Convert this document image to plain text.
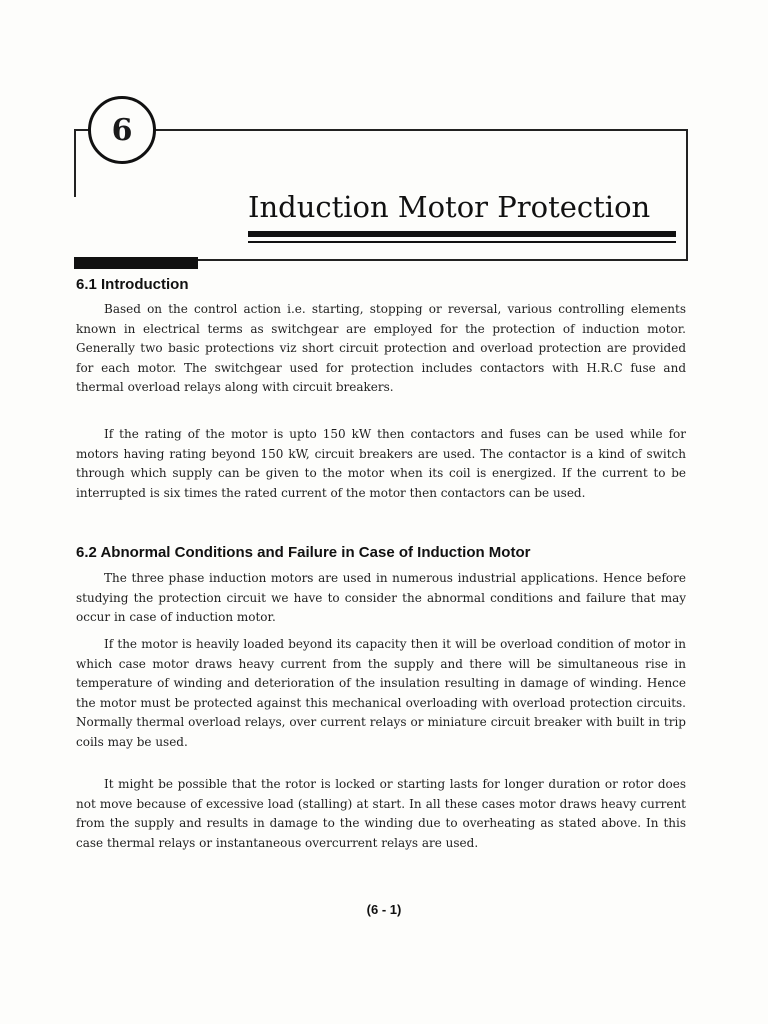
6
Induction Motor Protection
6.1 Introduction

Based on the control action i.e. starting, stopping or reversal, various controlling elements known in electrical terms as switchgear are employed for the protection of induction motor. Generally two basic protections viz short circuit protection and overload protection are provided for each motor. The switchgear used for protection includes contactors with H.R.C fuse and thermal overload relays along with circuit breakers.

If the rating of the motor is upto 150 kW then contactors and fuses can be used while for motors having rating beyond 150 kW, circuit breakers are used. The contactor is a kind of switch through which supply can be given to the motor when its coil is energized. If the current to be interrupted is six times the rated current of the motor then contactors can be used.

6.2 Abnormal Conditions and Failure in Case of Induction Motor

The three phase induction motors are used in numerous industrial applications. Hence before studying the protection circuit we have to consider the abnormal conditions and failure that may occur in case of induction motor.

If the motor is heavily loaded beyond its capacity then it will be overload condition of motor in which case motor draws heavy current from the supply and there will be simultaneous rise in temperature of winding and deterioration of the insulation resulting in damage of winding. Hence the motor must be protected against this mechanical overloading with overload protection circuits. Normally thermal overload relays, over current relays or miniature circuit breaker with built in trip coils may be used.

It might be possible that the rotor is locked or starting lasts for longer duration or rotor does not move because of excessive load (stalling) at start. In all these cases motor draws heavy current from the supply and results in damage to the winding due to overheating as stated above. In this case thermal relays or instantaneous overcurrent relays are used.

(6 - 1)
